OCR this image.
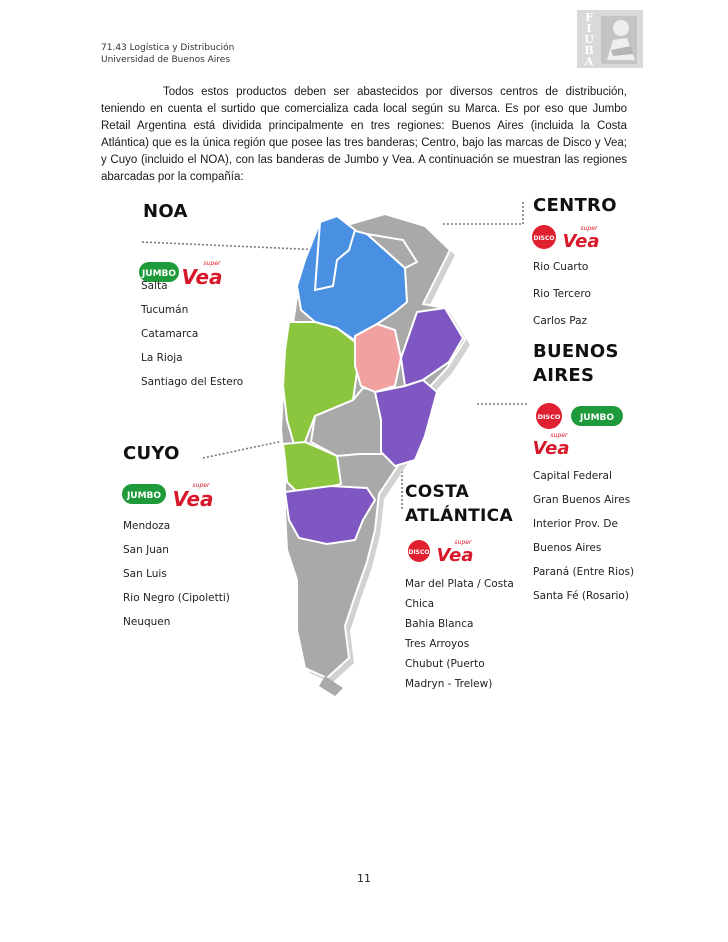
71.43 Logística y Distribución
Universidad de Buenos Aires
F
I
U
B
A
Todos estos productos deben ser abastecidos por diversos centros de distribución, teniendo en cuenta el surtido que comercializa cada local según su Marca. Es por eso que Jumbo Retail Argentina está dividida principalmente en tres regiones: Buenos Aires (incluida la Costa Atlántica) que es la única región que posee las tres banderas; Centro, bajo las marcas de Disco y Vea; y Cuyo (incluido el NOA), con las banderas de Jumbo y Vea. A continuación se muestran las regiones abarcadas por la compañía:
NOA
JUMBO
super
Vea
Salta
Tucumán
Catamarca
La Rioja
Santiago del Estero
CUYO
JUMBO
super
Vea
Mendoza
San Juan
San Luis
Rio Negro (Cipoletti)
Neuquen
CENTRO
DISCO
super
Vea
Rio Cuarto
Rio Tercero
Carlos Paz
BUENOS
AIRES
DISCO JUMBO
super
Vea
Capital Federal
Gran Buenos Aires
Interior Prov. De
Buenos Aires
Paraná (Entre Rios)
Santa Fé (Rosario)
COSTA
ATLÁNTICA
DISCO
super
Vea
Mar del Plata / Costa
Chica
Bahia Blanca
Tres Arroyos
Chubut (Puerto
Madryn - Trelew)
11
